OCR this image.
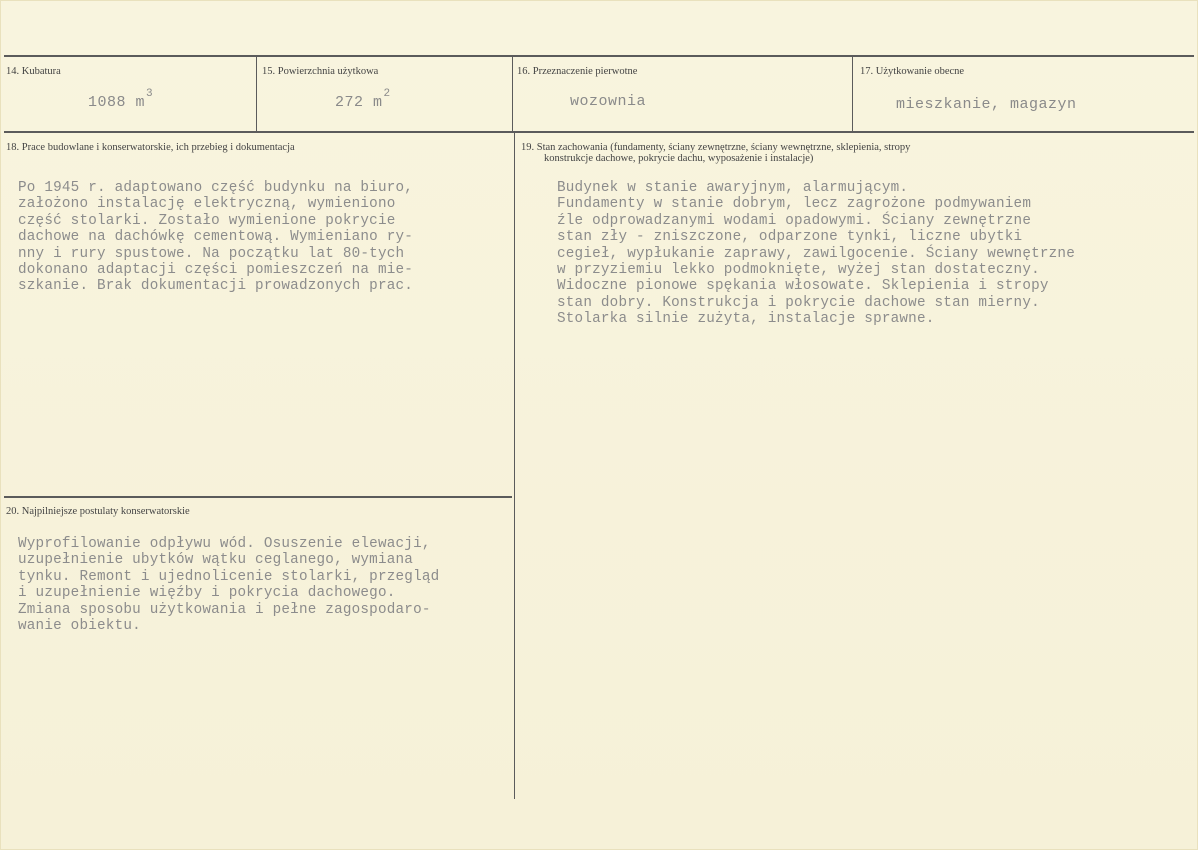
14. Kubatura
1088 $m^3$
15. Powierzchnia użytkowa
272 $m^2$
16. Przeznaczenie pierwotne
wozownia
17. Użytkowanie obecne
mieszkanie, magazyn
18. Prace budowlane i konserwatorskie, ich przebieg i dokumentacja
Po 1945 r. adaptowano część budynku na biuro,
założono instalację elektryczną, wymieniono
część stolarki. Zostało wymienione pokrycie
dachowe na dachówkę cementową. Wymieniano ry-
nny i rury spustowe. Na początku lat 80-tych
dokonano adaptacji części pomieszczeń na mie-
szkanie. Brak dokumentacji prowadzonych prac.
19. Stan zachowania (fundamenty, ściany zewnętrzne, ściany wewnętrzne, sklepienia, stropy
konstrukcje dachowe, pokrycie dachu, wyposażenie i instalacje)
Budynek w stanie awaryjnym, alarmującym.
Fundamenty w stanie dobrym, lecz zagrożone podmywaniem
źle odprowadzanymi wodami opadowymi. Ściany zewnętrzne
stan zły - zniszczone, odparzone tynki, liczne ubytki
cegieł, wypłukanie zaprawy, zawilgocenie. Ściany wewnętrzne
w przyziemiu lekko podmoknięte, wyżej stan dostateczny.
Widoczne pionowe spękania włosowate. Sklepienia i stropy
stan dobry. Konstrukcja i pokrycie dachowe stan mierny.
Stolarka silnie zużyta, instalacje sprawne.
20. Najpilniejsze postulaty konserwatorskie
Wyprofilowanie odpływu wód. Osuszenie elewacji,
uzupełnienie ubytków wątku ceglanego, wymiana
tynku. Remont i ujednolicenie stolarki, przegląd
i uzupełnienie więźby i pokrycia dachowego.
Zmiana sposobu użytkowania i pełne zagospodaro-
wanie obiektu.
